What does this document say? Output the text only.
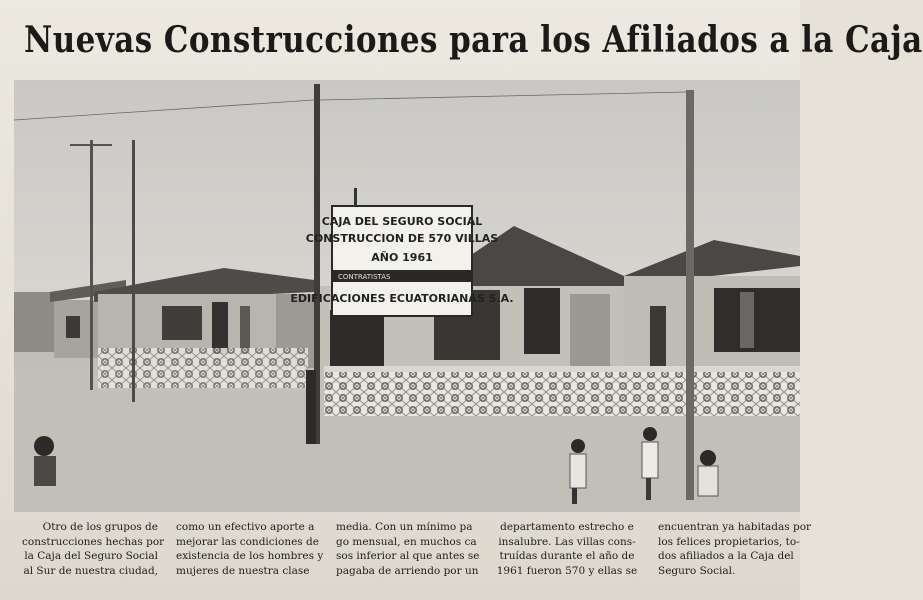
Nuevas Construcciones para los Afiliados a la Caja
CAJA DEL SEGURO SOCIAL
CONSTRUCCION DE 570 VILLAS
AÑO 1961
CONTRATISTAS
EDIFICACIONES ECUATORIANAS S.A.

Otro de los grupos de

construcciones hechas por

la Caja del Seguro Social

al Sur de nuestra ciudad,

como un efectivo aporte a

mejorar las condiciones de

existencia de los hombres y

mujeres de nuestra clase

media. Con un mínimo pa

go mensual, en muchos ca

sos inferior al que antes se

pagaba de arriendo por un

departamento estrecho e

insalubre. Las villas cons-

truídas durante el año de

1961 fueron 570 y ellas se

encuentran ya habitadas por

los felices propietarios, to-

dos afiliados a la Caja del

Seguro Social.
